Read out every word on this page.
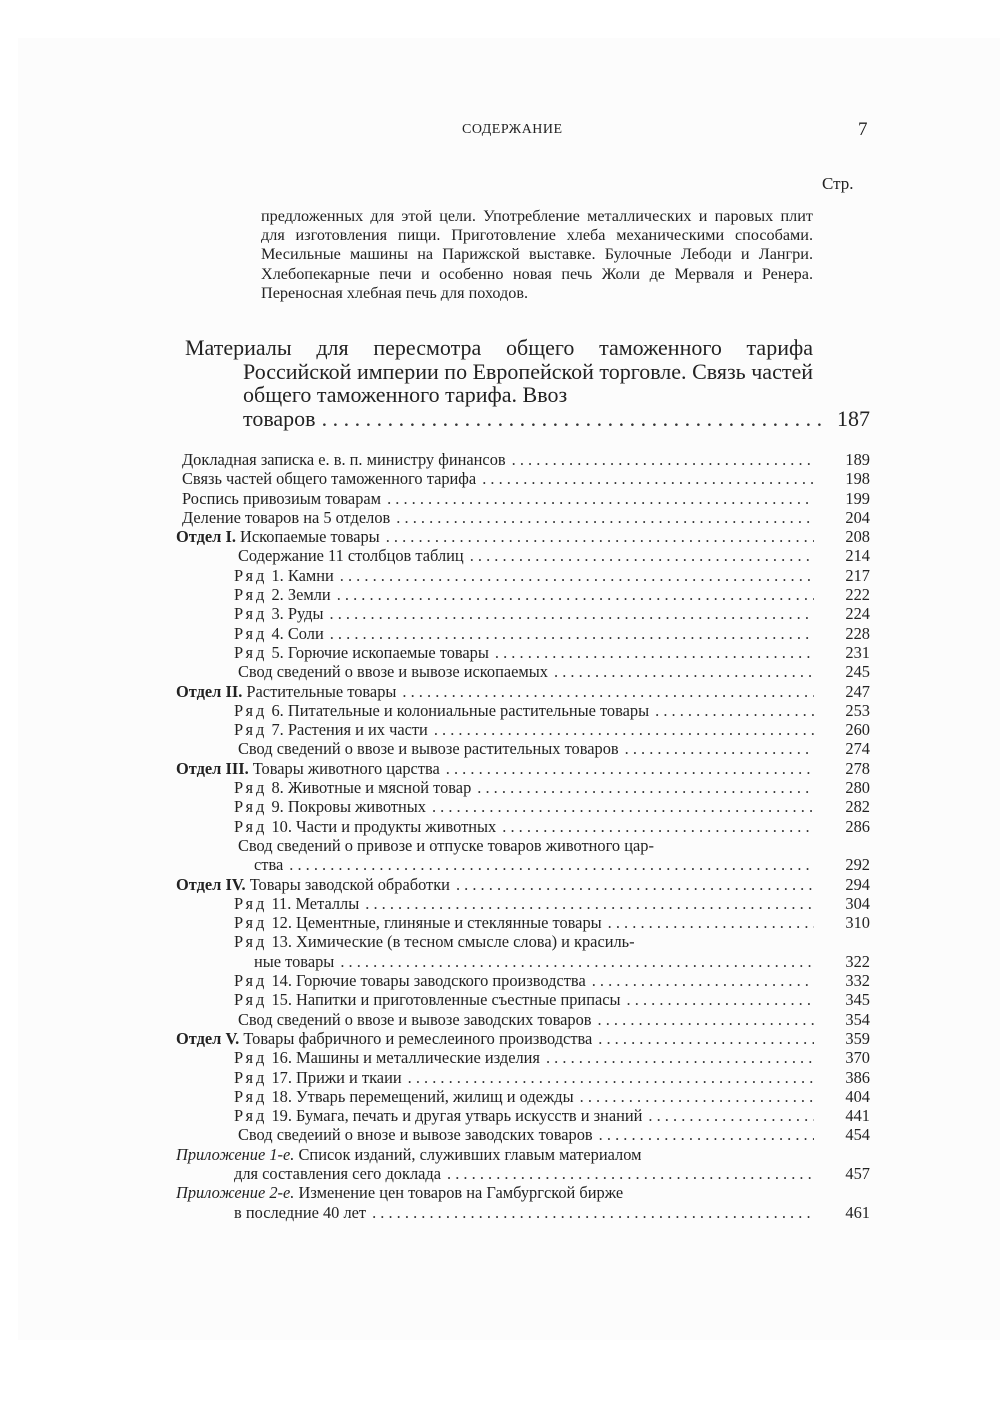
СОДЕРЖАНИЕ	7
Стр.
предложенных для этой цели. Употребление металлических и паровых плит для изготовления пищи. Приготовление хлеба механическими способами. Месильные машины на Парижской выставке. Булочные Лебоди и Лангри. Хлебопекарные печи и особенно новая печь Жоли де Мерваля и Ренера. Переносная хлебная печь для походов.
Материалы для пересмотра общего таможенного тарифа Российской империи по Европейской торговле. Связь частей общего таможенного тарифа. Ввоз
товаров . . .	187
Докладная записка е. в. п. министру финансов . . .	189
Связь частей общего таможенного тарифа . . .	198
Роспись привозиым товарам . . .	199
Деление товаров на 5 отделов . . .	204
Отдел I. Ископаемые товары . . .	208
Содержание 11 столбцов таблиц . . .	214
Ряд 1. Камни . . .	217
Ряд 2. Земли . . .	222
Ряд 3. Руды . . .	224
Ряд 4. Соли . . .	228
Ряд 5. Горючие ископаемые товары . . .	231
Свод сведений о ввозе и вывозе ископаемых . . .	245
Отдел II. Растительные товары . . .	247
Ряд 6. Питательные и колониальные растительные товары . . .	253
Ряд 7. Растения и их части . . .	260
Свод сведений о ввозе и вывозе растительных товаров . . .	274
Отдел III. Товары животного царства . . .	278
Ряд 8. Животные и мясной товар . . .	280
Ряд 9. Покровы животных . . .	282
Ряд 10. Части и продукты животных . . .	286
Свод сведений о привозе и отпуске товаров животного цар-
ства . . .	292
Отдел IV. Товары заводской обработки . . .	294
Ряд 11. Металлы . . .	304
Ряд 12. Цементные, глиняные и стеклянные товары . . .	310
Ряд 13. Химические (в тесном смысле слова) и красиль-
ные товары . . .	322
Ряд 14. Горючие товары заводского производства . . .	332
Ряд 15. Напитки и приготовленные съестные припасы . . .	345
Свод сведений о ввозе и вывозе заводских товаров . . .	354
Отдел V. Товары фабричного и ремеслеиного производства . . .	359
Ряд 16. Машины и металлические изделия . . .	370
Ряд 17. Прижи и ткаии . . .	386
Ряд 18. Утварь перемещений, жилищ и одежды . . .	404
Ряд 19. Бумага, печать и другая утварь искусств и знаний . . .	441
Свод сведеиий о внозе и вывозе заводских товаров . . .	454
Приложение 1-е. Список изданий, служивших главым материалом
для составления сего доклада . . .	457
Приложение 2-е. Изменение цен товаров на Гамбургской бирже
в последние 40 лет . . .	461
